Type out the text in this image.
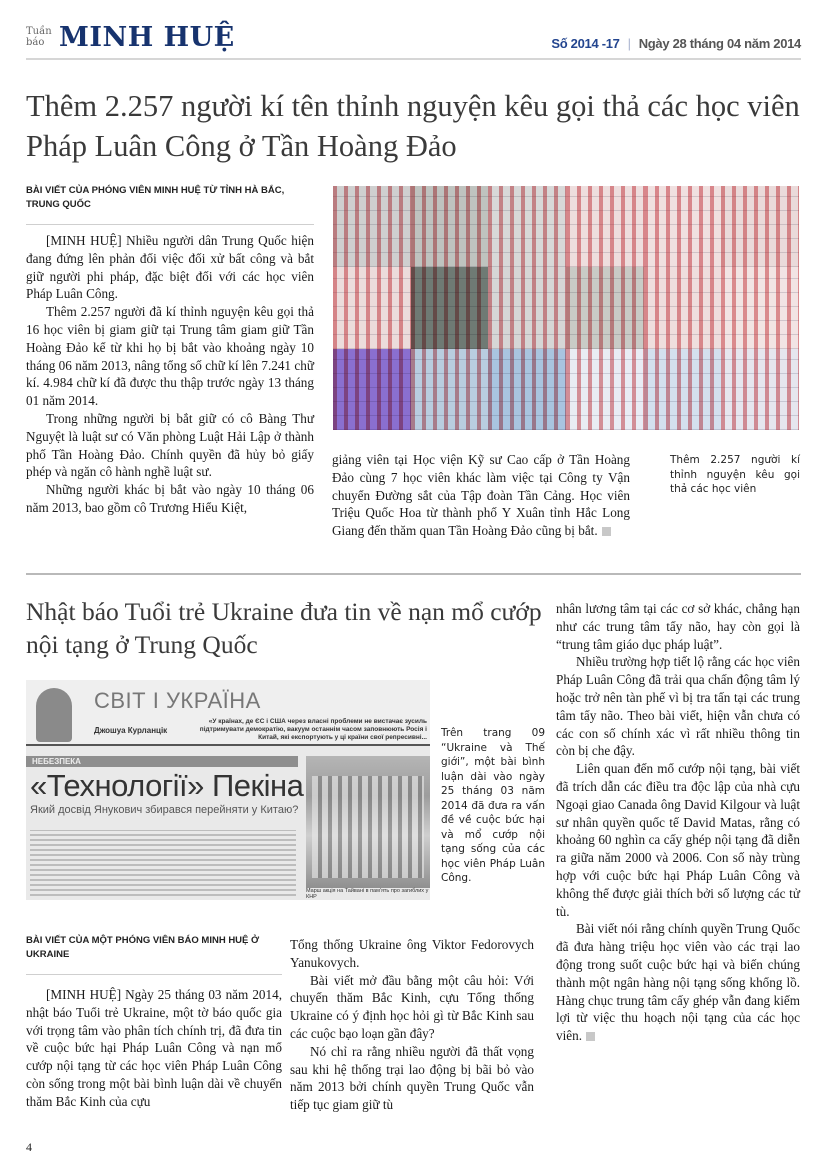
Tuần
báo MINH HUỆ	Số 2014 -17 | Ngày 28 tháng 04 năm 2014
Thêm 2.257 người kí tên thỉnh nguyện kêu gọi thả các học viên Pháp Luân Công ở Tần Hoàng Đảo
BÀI VIẾT CỦA PHÓNG VIÊN MINH HUỆ TỪ TỈNH HÀ BẮC, TRUNG QUỐC

[MINH HUỆ] Nhiều người dân Trung Quốc hiện đang đứng lên phản đối việc đối xử bất công và bắt giữ người phi pháp, đặc biệt đối với các học viên Pháp Luân Công.

Thêm 2.257 người đã kí thỉnh nguyện kêu gọi thả 16 học viên bị giam giữ tại Trung tâm giam giữ Tần Hoàng Đảo kể từ khi họ bị bắt vào khoảng ngày 10 tháng 06 năm 2013, nâng tổng số chữ kí lên 7.241 chữ kí. 4.984 chữ kí đã được thu thập trước ngày 13 tháng 01 năm 2014.

Trong những người bị bắt giữ có cô Bàng Thư Nguyệt là luật sư có Văn phòng Luật Hải Lập ở thành phố Tần Hoàng Đảo. Chính quyền đã hủy bỏ giấy phép và ngăn cô hành nghề luật sư.

Những người khác bị bắt vào ngày 10 tháng 06 năm 2013, bao gồm cô Trương Hiểu Kiệt,

giảng viên tại Học viện Kỹ sư Cao cấp ở Tần Hoàng Đảo cùng 7 học viên khác làm việc tại Công ty Vận chuyển Đường sắt của Tập đoàn Tần Cảng. Học viên Triệu Quốc Hoa từ thành phố Y Xuân tỉnh Hắc Long Giang đến thăm quan Tần Hoàng Đảo cũng bị bắt.

Thêm 2.257 người kí thỉnh nguyện kêu gọi thả các học viên
Nhật báo Tuổi trẻ Ukraine đưa tin về nạn mổ cướp nội tạng ở Trung Quốc
СВІТ І УКРАЇНА
Джошуа Курланцік
«У країнах, де ЄС і США через власні проблеми не вистачає зусиль підтримувати демократію, вакуум останнім часом заповнюють Росія і Китай, які експортують у ці країни свої репресивні...
НЕБЕЗПЕКА
«Технології» Пекіна
Який досвід Янукович збирався перейняти у Китаю?
Марш акція на Тайвані в пам'ять про загиблих у КНР
Trên trang 09 “Ukraine và Thế giới”, một bài bình luận dài vào ngày 25 tháng 03 năm 2014 đã đưa ra vấn đề về cuộc bức hại và mổ cướp nội tạng sống của các học viên Pháp Luân Công.
BÀI VIẾT CỦA MỘT PHÓNG VIÊN BÁO MINH HUỆ Ở UKRAINE

[MINH HUỆ] Ngày 25 tháng 03 năm 2014, nhật báo Tuổi trẻ Ukraine, một tờ báo quốc gia với trọng tâm vào phân tích chính trị, đã đưa tin về cuộc bức hại Pháp Luân Công và nạn mổ cướp nội tạng từ các học viên Pháp Luân Công còn sống trong một bài bình luận dài về chuyến thăm Bắc Kinh của cựu

Tổng thống Ukraine ông Viktor Fedorovych Yanukovych.

Bài viết mở đầu bằng một câu hỏi: Với chuyến thăm Bắc Kinh, cựu Tổng thống Ukraine có ý định học hỏi gì từ Bắc Kinh sau các cuộc bạo loạn gần đây?

Nó chỉ ra rằng nhiều người đã thất vọng sau khi hệ thống trại lao động bị bãi bỏ vào năm 2013 bởi chính quyền Trung Quốc vẫn tiếp tục giam giữ tù

nhân lương tâm tại các cơ sở khác, chẳng hạn như các trung tâm tẩy não, hay còn gọi là “trung tâm giáo dục pháp luật”.

Nhiều trường hợp tiết lộ rằng các học viên Pháp Luân Công đã trải qua chấn động tâm lý hoặc trở nên tàn phế vì bị tra tấn tại các trung tâm tẩy não. Theo bài viết, hiện vẫn chưa có các con số chính xác vì rất nhiều thông tin còn bị che đậy.

Liên quan đến mổ cướp nội tạng, bài viết đã trích dẫn các điều tra độc lập của nhà cựu Ngoại giao Canada ông David Kilgour và luật sư nhân quyền quốc tế David Matas, rằng có khoảng 60 nghìn ca cấy ghép nội tạng đã diễn ra giữa năm 2000 và 2006. Con số này trùng hợp với cuộc bức hại Pháp Luân Công và không thể được giải thích bởi số lượng các tử tù.

Bài viết nói rằng chính quyền Trung Quốc đã đưa hàng triệu học viên vào các trại lao động trong suốt cuộc bức hại và biến chúng thành một ngân hàng nội tạng sống khổng lồ. Hàng chục trung tâm cấy ghép vẫn đang kiếm lợi từ việc thu hoạch nội tạng của các học viên.

4
